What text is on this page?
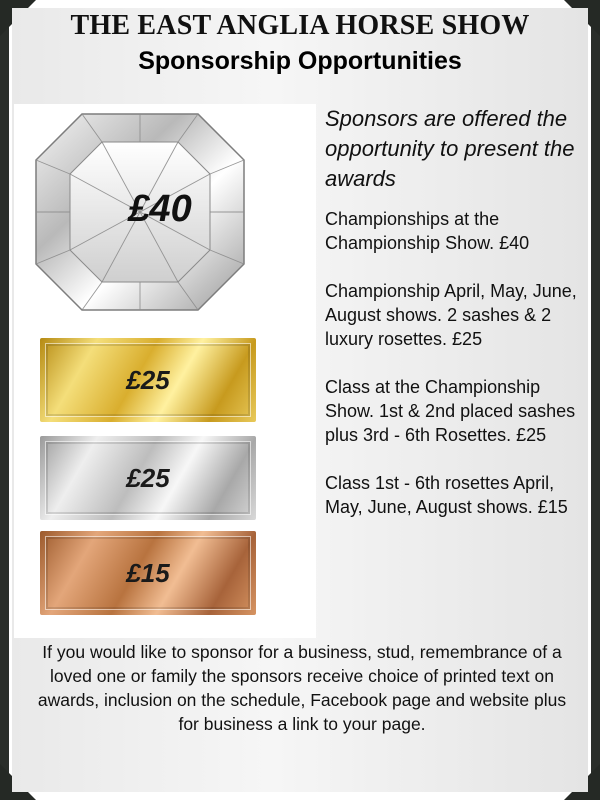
THE EAST ANGLIA HORSE SHOW
Sponsorship Opportunities
£40
£25
£25
£15

Sponsors are offered the opportunity to present the awards

Championships at the Championship Show. £40

Championship April, May, June, August shows. 2 sashes & 2 luxury rosettes. £25

Class at the Championship Show. 1st & 2nd placed sashes plus 3rd - 6th Rosettes. £25

Class 1st - 6th rosettes April, May, June, August shows. £15

If you would like to sponsor for a business, stud, remembrance of a loved one or family the sponsors receive choice of printed text on awards, inclusion on the schedule, Facebook page and website plus for business a link to your page.
